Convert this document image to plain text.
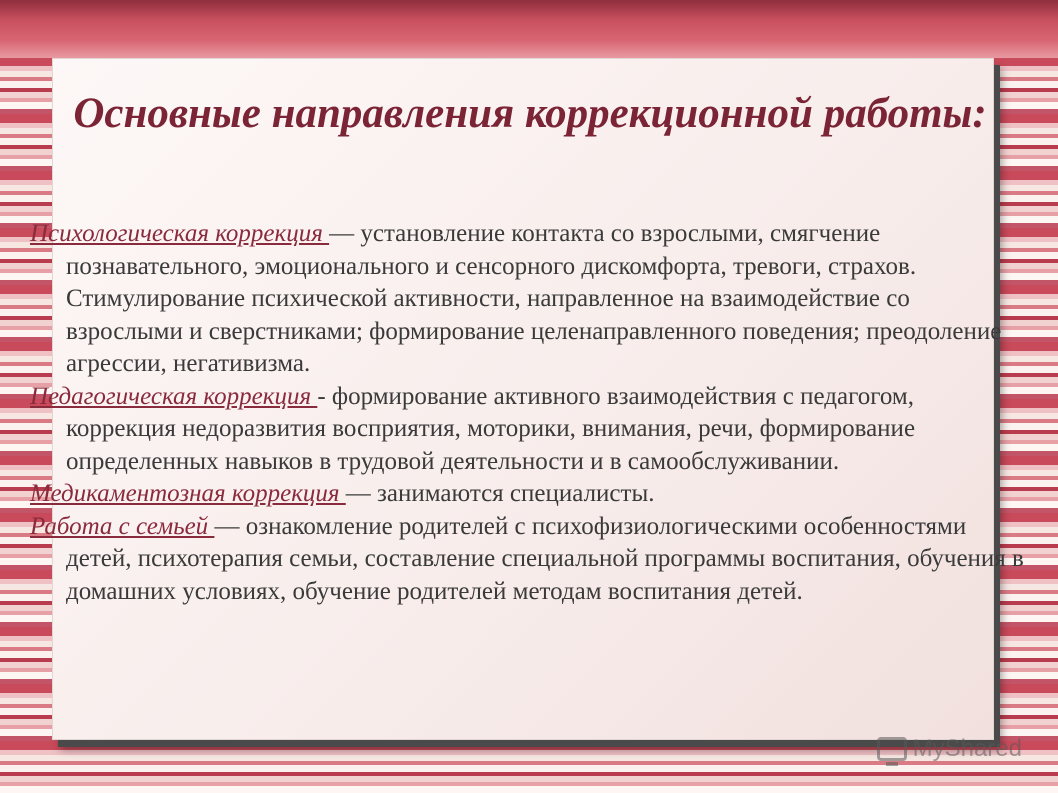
Основные направления коррекционной работы:

Психологическая коррекция — установление контакта со взрослыми, смягчение познавательного, эмоционального и сенсорного дискомфорта, тревоги, страхов. Стимулирование психической активности, направленное на взаимодействие со взрослыми и сверстниками; формирование целенаправленного поведения; преодоление агрессии, негативизма.

Педагогическая коррекция - формирование активного взаимодействия с педагогом, коррекция недоразвития восприятия, моторики, внимания, речи, формирование определенных навыков в трудовой деятельности и в самообслуживании.

Медикаментозная коррекция — занимаются специалисты.

Работа с семьей — ознакомление родителей с психофизиологическими особенностями детей, психотерапия семьи, составление специальной программы воспитания, обучения в домашних условиях, обучение родителей методам воспитания детей.

MyShared
